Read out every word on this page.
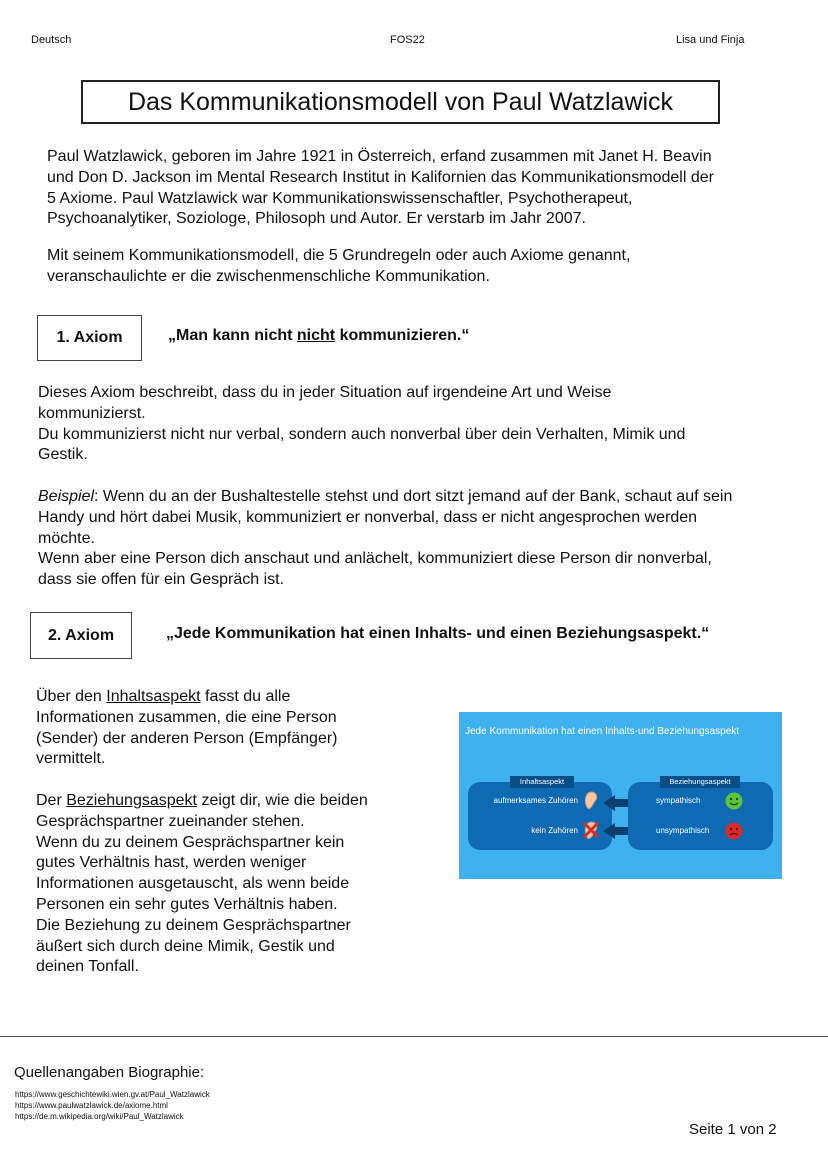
Deutsch	FOS22	Lisa und Finja
Das Kommunikationsmodell von Paul Watzlawick
Paul Watzlawick, geboren im Jahre 1921 in Österreich, erfand zusammen mit Janet H. Beavin
und Don D. Jackson im Mental Research Institut in Kalifornien das Kommunikationsmodell der
5 Axiome. Paul Watzlawick war Kommunikationswissenschaftler, Psychotherapeut,
Psychoanalytiker, Soziologe, Philosoph und Autor. Er verstarb im Jahr 2007.
Mit seinem Kommunikationsmodell, die 5 Grundregeln oder auch Axiome genannt,
veranschaulichte er die zwischenmenschliche Kommunikation.
1. Axiom	„Man kann nicht nicht kommunizieren.“
Dieses Axiom beschreibt, dass du in jeder Situation auf irgendeine Art und Weise
kommunizierst.
Du kommunizierst nicht nur verbal, sondern auch nonverbal über dein Verhalten, Mimik und
Gestik.
Beispiel: Wenn du an der Bushaltestelle stehst und dort sitzt jemand auf der Bank, schaut auf sein
Handy und hört dabei Musik, kommuniziert er nonverbal, dass er nicht angesprochen werden
möchte.
Wenn aber eine Person dich anschaut und anlächelt, kommuniziert diese Person dir nonverbal,
dass sie offen für ein Gespräch ist.
2. Axiom	„Jede Kommunikation hat einen Inhalts- und einen Beziehungsaspekt.“
Über den Inhaltsaspekt fasst du alle
Informationen zusammen, die eine Person
(Sender) der anderen Person (Empfänger)
vermittelt.
Der Beziehungsaspekt zeigt dir, wie die beiden
Gesprächspartner zueinander stehen.
Wenn du zu deinem Gesprächspartner kein
gutes Verhältnis hast, werden weniger
Informationen ausgetauscht, als wenn beide
Personen ein sehr gutes Verhältnis haben.
Die Beziehung zu deinem Gesprächspartner
äußert sich durch deine Mimik, Gestik und
deinen Tonfall.
Jede Kommunikation hat einen Inhalts-und Beziehungsaspekt
Inhaltsaspekt
aufmerksames Zuhören
kein Zuhören
Beziehungsaspekt
sympathisch
unsympathisch
Quellenangaben Biographie:
https://www.geschichtewiki.wien.gv.at/Paul_Watzlawick
https://www.paulwatzlawick.de/axiome.html
https://de.m.wikipedia.org/wiki/Paul_Watzlawick
Seite 1 von 2
